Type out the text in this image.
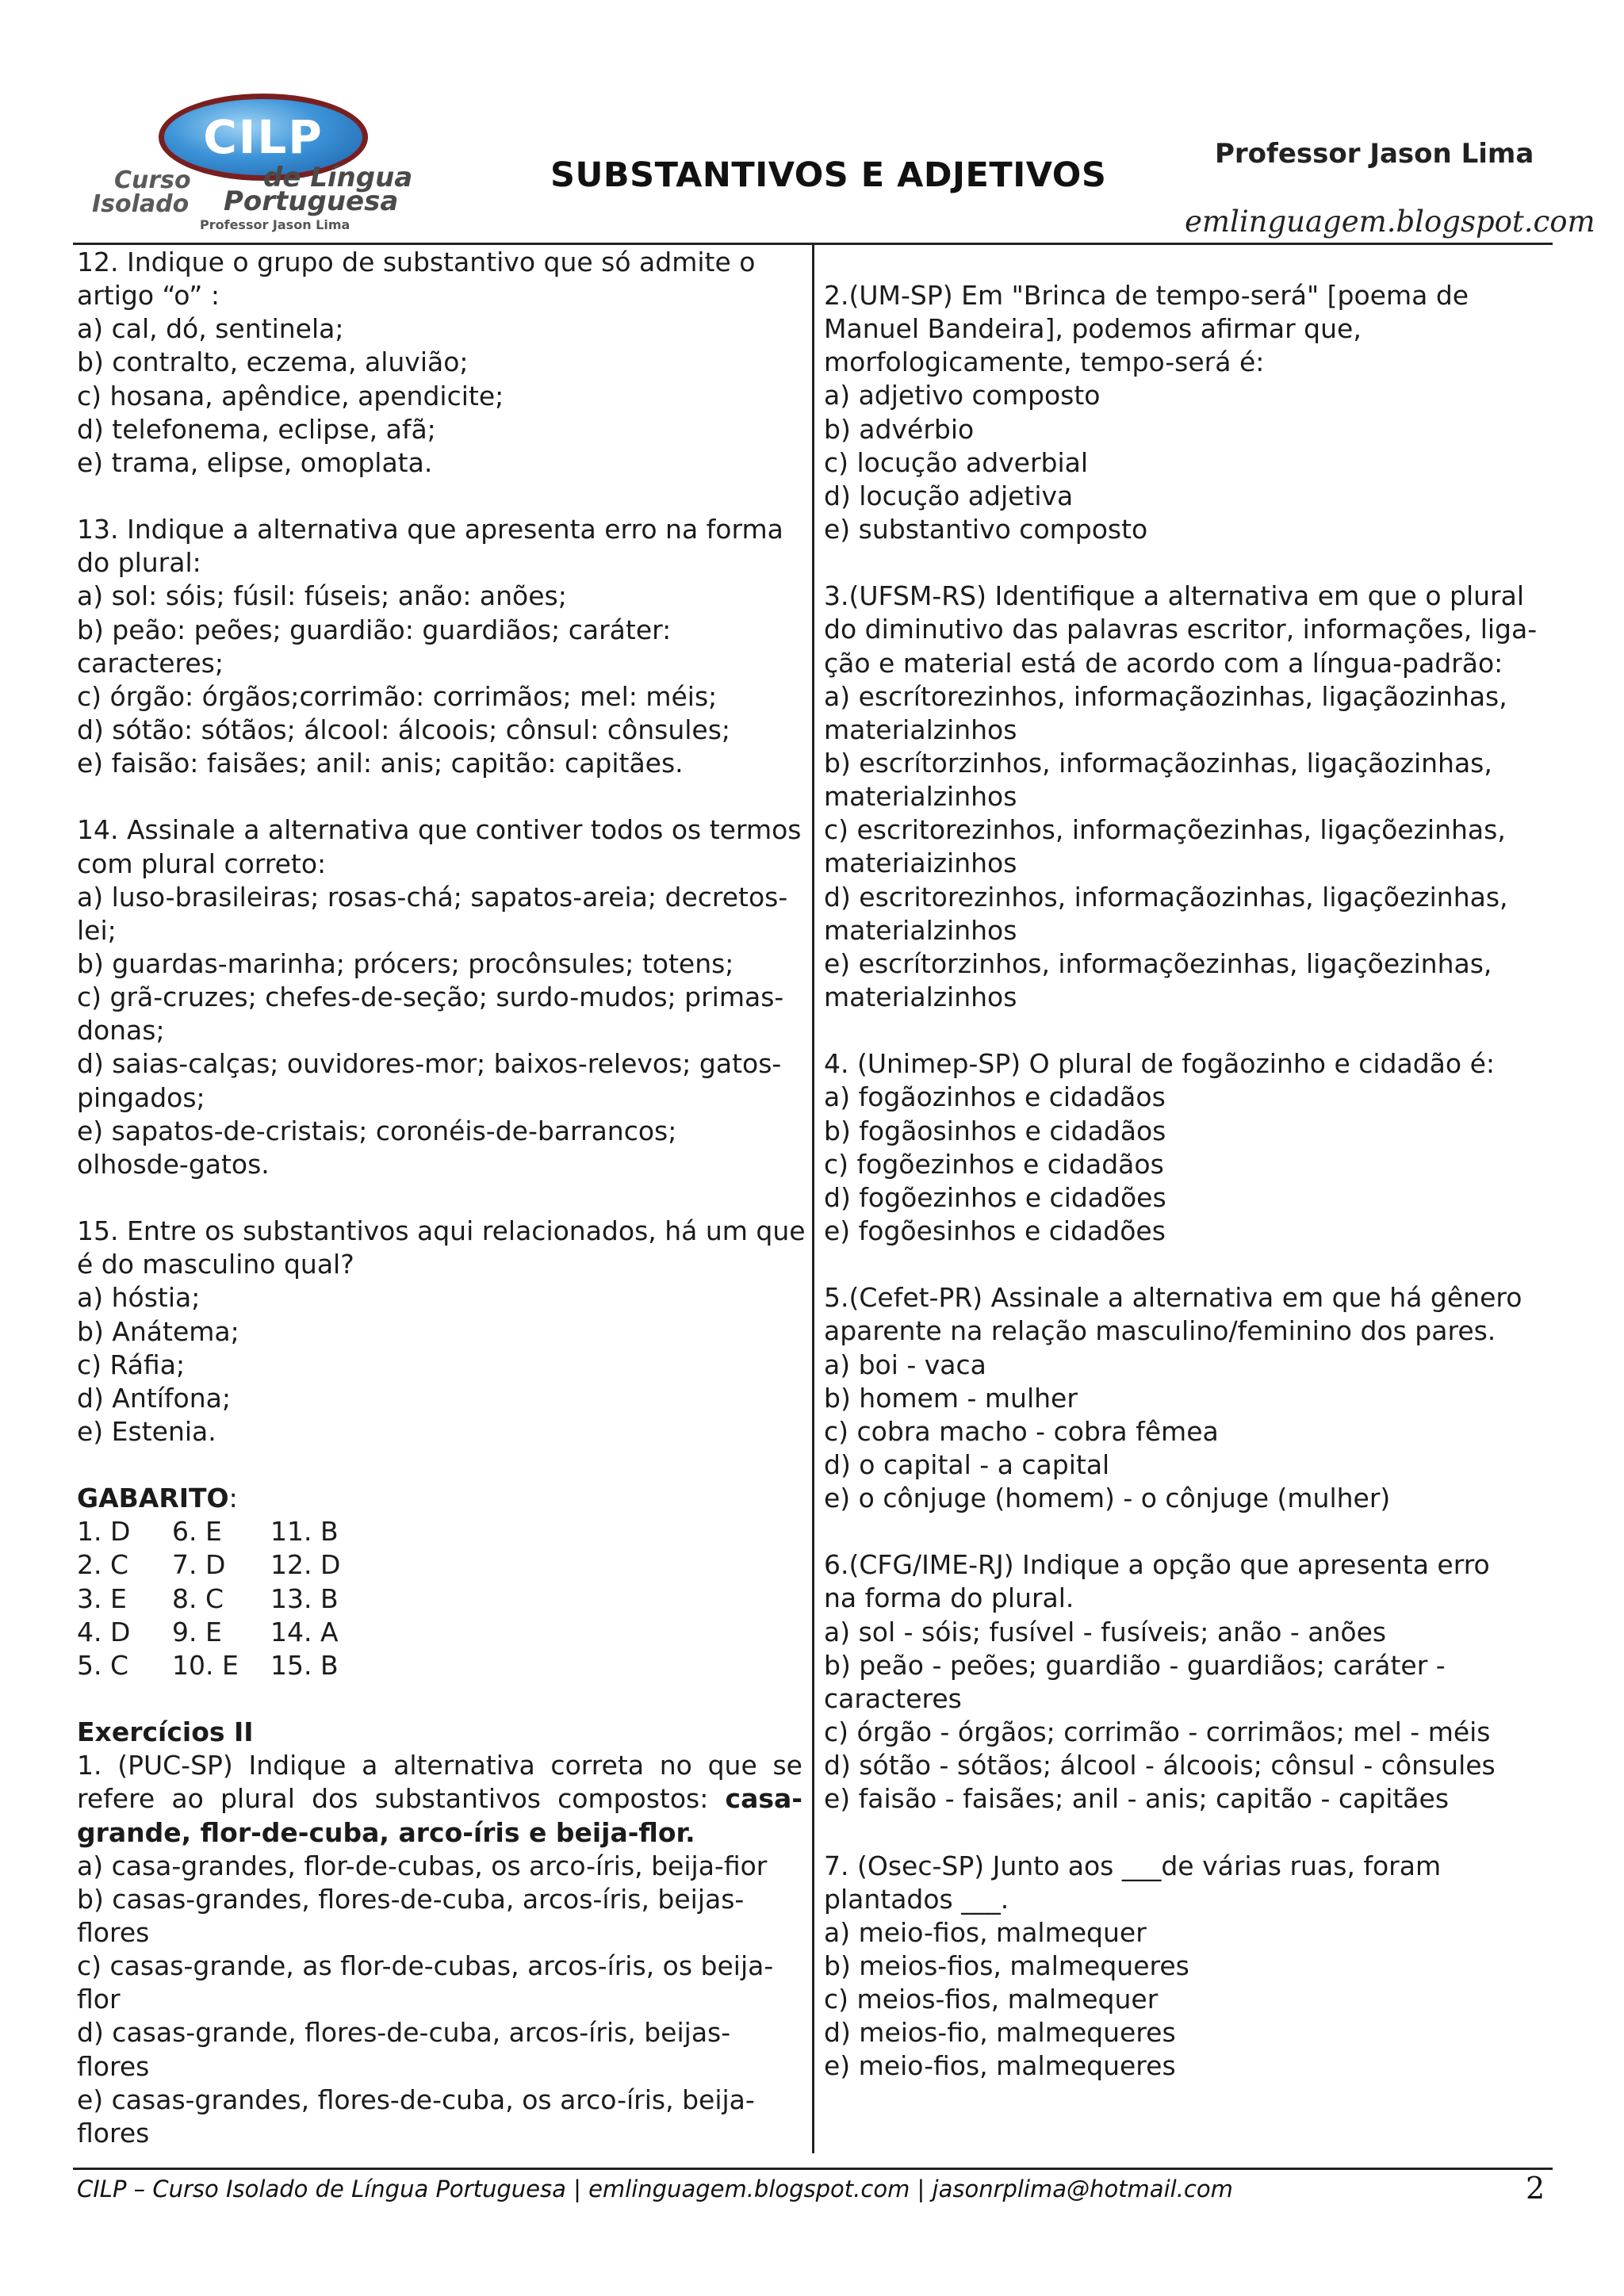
CILP
Curso	de Língua
Isolado Portuguesa
Professor Jason Lima
SUBSTANTIVOS E ADJETIVOS
Professor Jason Lima
emlinguagem.blogspot.com
12. Indique o grupo de substantivo que só admite o
artigo “o” :
a) cal, dó, sentinela;
b) contralto, eczema, aluvião;
c) hosana, apêndice, apendicite;
d) telefonema, eclipse, afã;
e) trama, elipse, omoplata.
13. Indique a alternativa que apresenta erro na forma
do plural:
a) sol: sóis; fúsil: fúseis; anão: anões;
b) peão: peões; guardião: guardiãos; caráter:
caracteres;
c) órgão: órgãos;corrimão: corrimãos; mel: méis;
d) sótão: sótãos; álcool: álcoois; cônsul: cônsules;
e) faisão: faisães; anil: anis; capitão: capitães.
14. Assinale a alternativa que contiver todos os termos
com plural correto:
a) luso-brasileiras; rosas-chá; sapatos-areia; decretos-
lei;
b) guardas-marinha; prócers; procônsules; totens;
c) grã-cruzes; chefes-de-seção; surdo-mudos; primas-
donas;
d) saias-calças; ouvidores-mor; baixos-relevos; gatos-
pingados;
e) sapatos-de-cristais; coronéis-de-barrancos;
olhosde-gatos.
15. Entre os substantivos aqui relacionados, há um que
é do masculino qual?
a) hóstia;
b) Anátema;
c) Ráfia;
d) Antífona;
e) Estenia.
GABARITO:
1. D 6. E 11. B
2. C 7. D 12. D
3. E 8. C 13. B
4. D 9. E 14. A
5. C 10. E 15. B
Exercícios II
1. (PUC-SP) Indique a alternativa correta no que se
refere ao plural dos substantivos compostos: casa-
grande, flor-de-cuba, arco-íris e beija-flor.
a) casa-grandes, flor-de-cubas, os arco-íris, beija-fior
b) casas-grandes, flores-de-cuba, arcos-íris, beijas-
flores
c) casas-grande, as flor-de-cubas, arcos-íris, os beija-
flor
d) casas-grande, flores-de-cuba, arcos-íris, beijas-
flores
e) casas-grandes, flores-de-cuba, os arco-íris, beija-
flores
2.(UM-SP) Em "Brinca de tempo-será" [poema de
Manuel Bandeira], podemos afirmar que,
morfologicamente, tempo-será é:
a) adjetivo composto
b) advérbio
c) locução adverbial
d) locução adjetiva
e) substantivo composto
3.(UFSM-RS) Identifique a alternativa em que o plural
do diminutivo das palavras escritor, informações, liga-
ção e material está de acordo com a língua-padrão:
a) escrítorezinhos, informaçãozinhas, ligaçãozinhas,
materialzinhos
b) escrítorzinhos, informaçãozinhas, ligaçãozinhas,
materialzinhos
c) escritorezinhos, informaçõezinhas, ligaçõezinhas,
materiaizinhos
d) escritorezinhos, informaçãozinhas, ligaçõezinhas,
materialzinhos
e) escrítorzinhos, informaçõezinhas, ligaçõezinhas,
materialzinhos
4. (Unimep-SP) O plural de fogãozinho e cidadão é:
a) fogãozinhos e cidadãos
b) fogãosinhos e cidadãos
c) fogõezinhos e cidadãos
d) fogõezinhos e cidadões
e) fogõesinhos e cidadões
5.(Cefet-PR) Assinale a alternativa em que há gênero
aparente na relação masculino/feminino dos pares.
a) boi - vaca
b) homem - mulher
c) cobra macho - cobra fêmea
d) o capital - a capital
e) o cônjuge (homem) - o cônjuge (mulher)
6.(CFG/IME-RJ) Indique a opção que apresenta erro
na forma do plural.
a) sol - sóis; fusível - fusíveis; anão - anões
b) peão - peões; guardião - guardiãos; caráter -
caracteres
c) órgão - órgãos; corrimão - corrimãos; mel - méis
d) sótão - sótãos; álcool - álcoois; cônsul - cônsules
e) faisão - faisães; anil - anis; capitão - capitães
7. (Osec-SP) Junto aos ___de várias ruas, foram
plantados ___.
a) meio-fios, malmequer
b) meios-fios, malmequeres
c) meios-fios, malmequer
d) meios-fio, malmequeres
e) meio-fios, malmequeres
CILP – Curso Isolado de Língua Portuguesa | emlinguagem.blogspot.com | jasonrplima@hotmail.com	2
